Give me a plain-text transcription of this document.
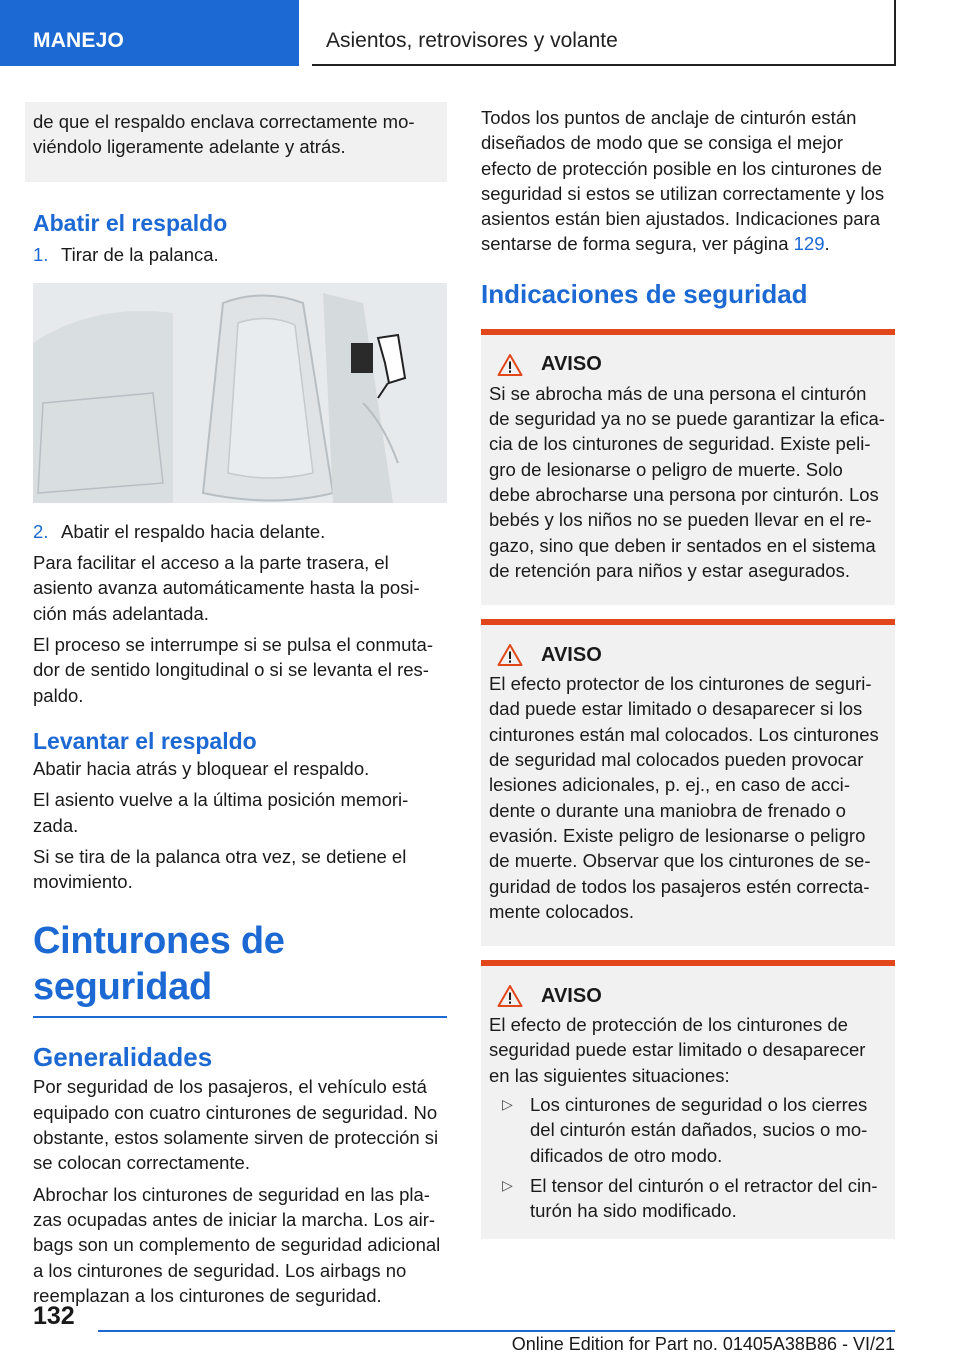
MANEJO	Asientos, retrovisores y volante

de que el respaldo enclava correctamente moviéndolo ligeramente adelante y atrás.

Abatir el respaldo
1. Tirar de la palanca.
2. Abatir el respaldo hacia delante.

Para facilitar el acceso a la parte trasera, el asiento avanza automáticamente hasta la posición más adelantada.

El proceso se interrumpe si se pulsa el conmutador de sentido longitudinal o si se levanta el respaldo.

Levantar el respaldo

Abatir hacia atrás y bloquear el respaldo.

El asiento vuelve a la última posición memorizada.

Si se tira de la palanca otra vez, se detiene el movimiento.

Cinturones de seguridad
Generalidades

Por seguridad de los pasajeros, el vehículo está equipado con cuatro cinturones de seguridad. No obstante, estos solamente sirven de protección si se colocan correctamente.

Abrochar los cinturones de seguridad en las plazas ocupadas antes de iniciar la marcha. Los airbags son un complemento de seguridad adicional a los cinturones de seguridad. Los airbags no reemplazan a los cinturones de seguridad.

Todos los puntos de anclaje de cinturón están diseñados de modo que se consiga el mejor efecto de protección posible en los cinturones de seguridad si estos se utilizan correctamente y los asientos están bien ajustados. Indicaciones para sentarse de forma segura, ver página 129.

Indicaciones de seguridad
AVISO

Si se abrocha más de una persona el cinturón de seguridad ya no se puede garantizar la eficacia de los cinturones de seguridad. Existe peligro de lesionarse o peligro de muerte. Solo debe abrocharse una persona por cinturón. Los bebés y los niños no se pueden llevar en el regazo, sino que deben ir sentados en el sistema de retención para niños y estar asegurados.

AVISO

El efecto protector de los cinturones de seguridad puede estar limitado o desaparecer si los cinturones están mal colocados. Los cinturones de seguridad mal colocados pueden provocar lesiones adicionales, p. ej., en caso de accidente o durante una maniobra de frenado o evasión. Existe peligro de lesionarse o peligro de muerte. Observar que los cinturones de seguridad de todos los pasajeros estén correctamente colocados.

AVISO

El efecto de protección de los cinturones de seguridad puede estar limitado o desaparecer en las siguientes situaciones:

▷ Los cinturones de seguridad o los cierres del cinturón están dañados, sucios o modificados de otro modo.
▷ El tensor del cinturón o el retractor del cinturón ha sido modificado.
132
Online Edition for Part no. 01405A38B86 - VI/21
